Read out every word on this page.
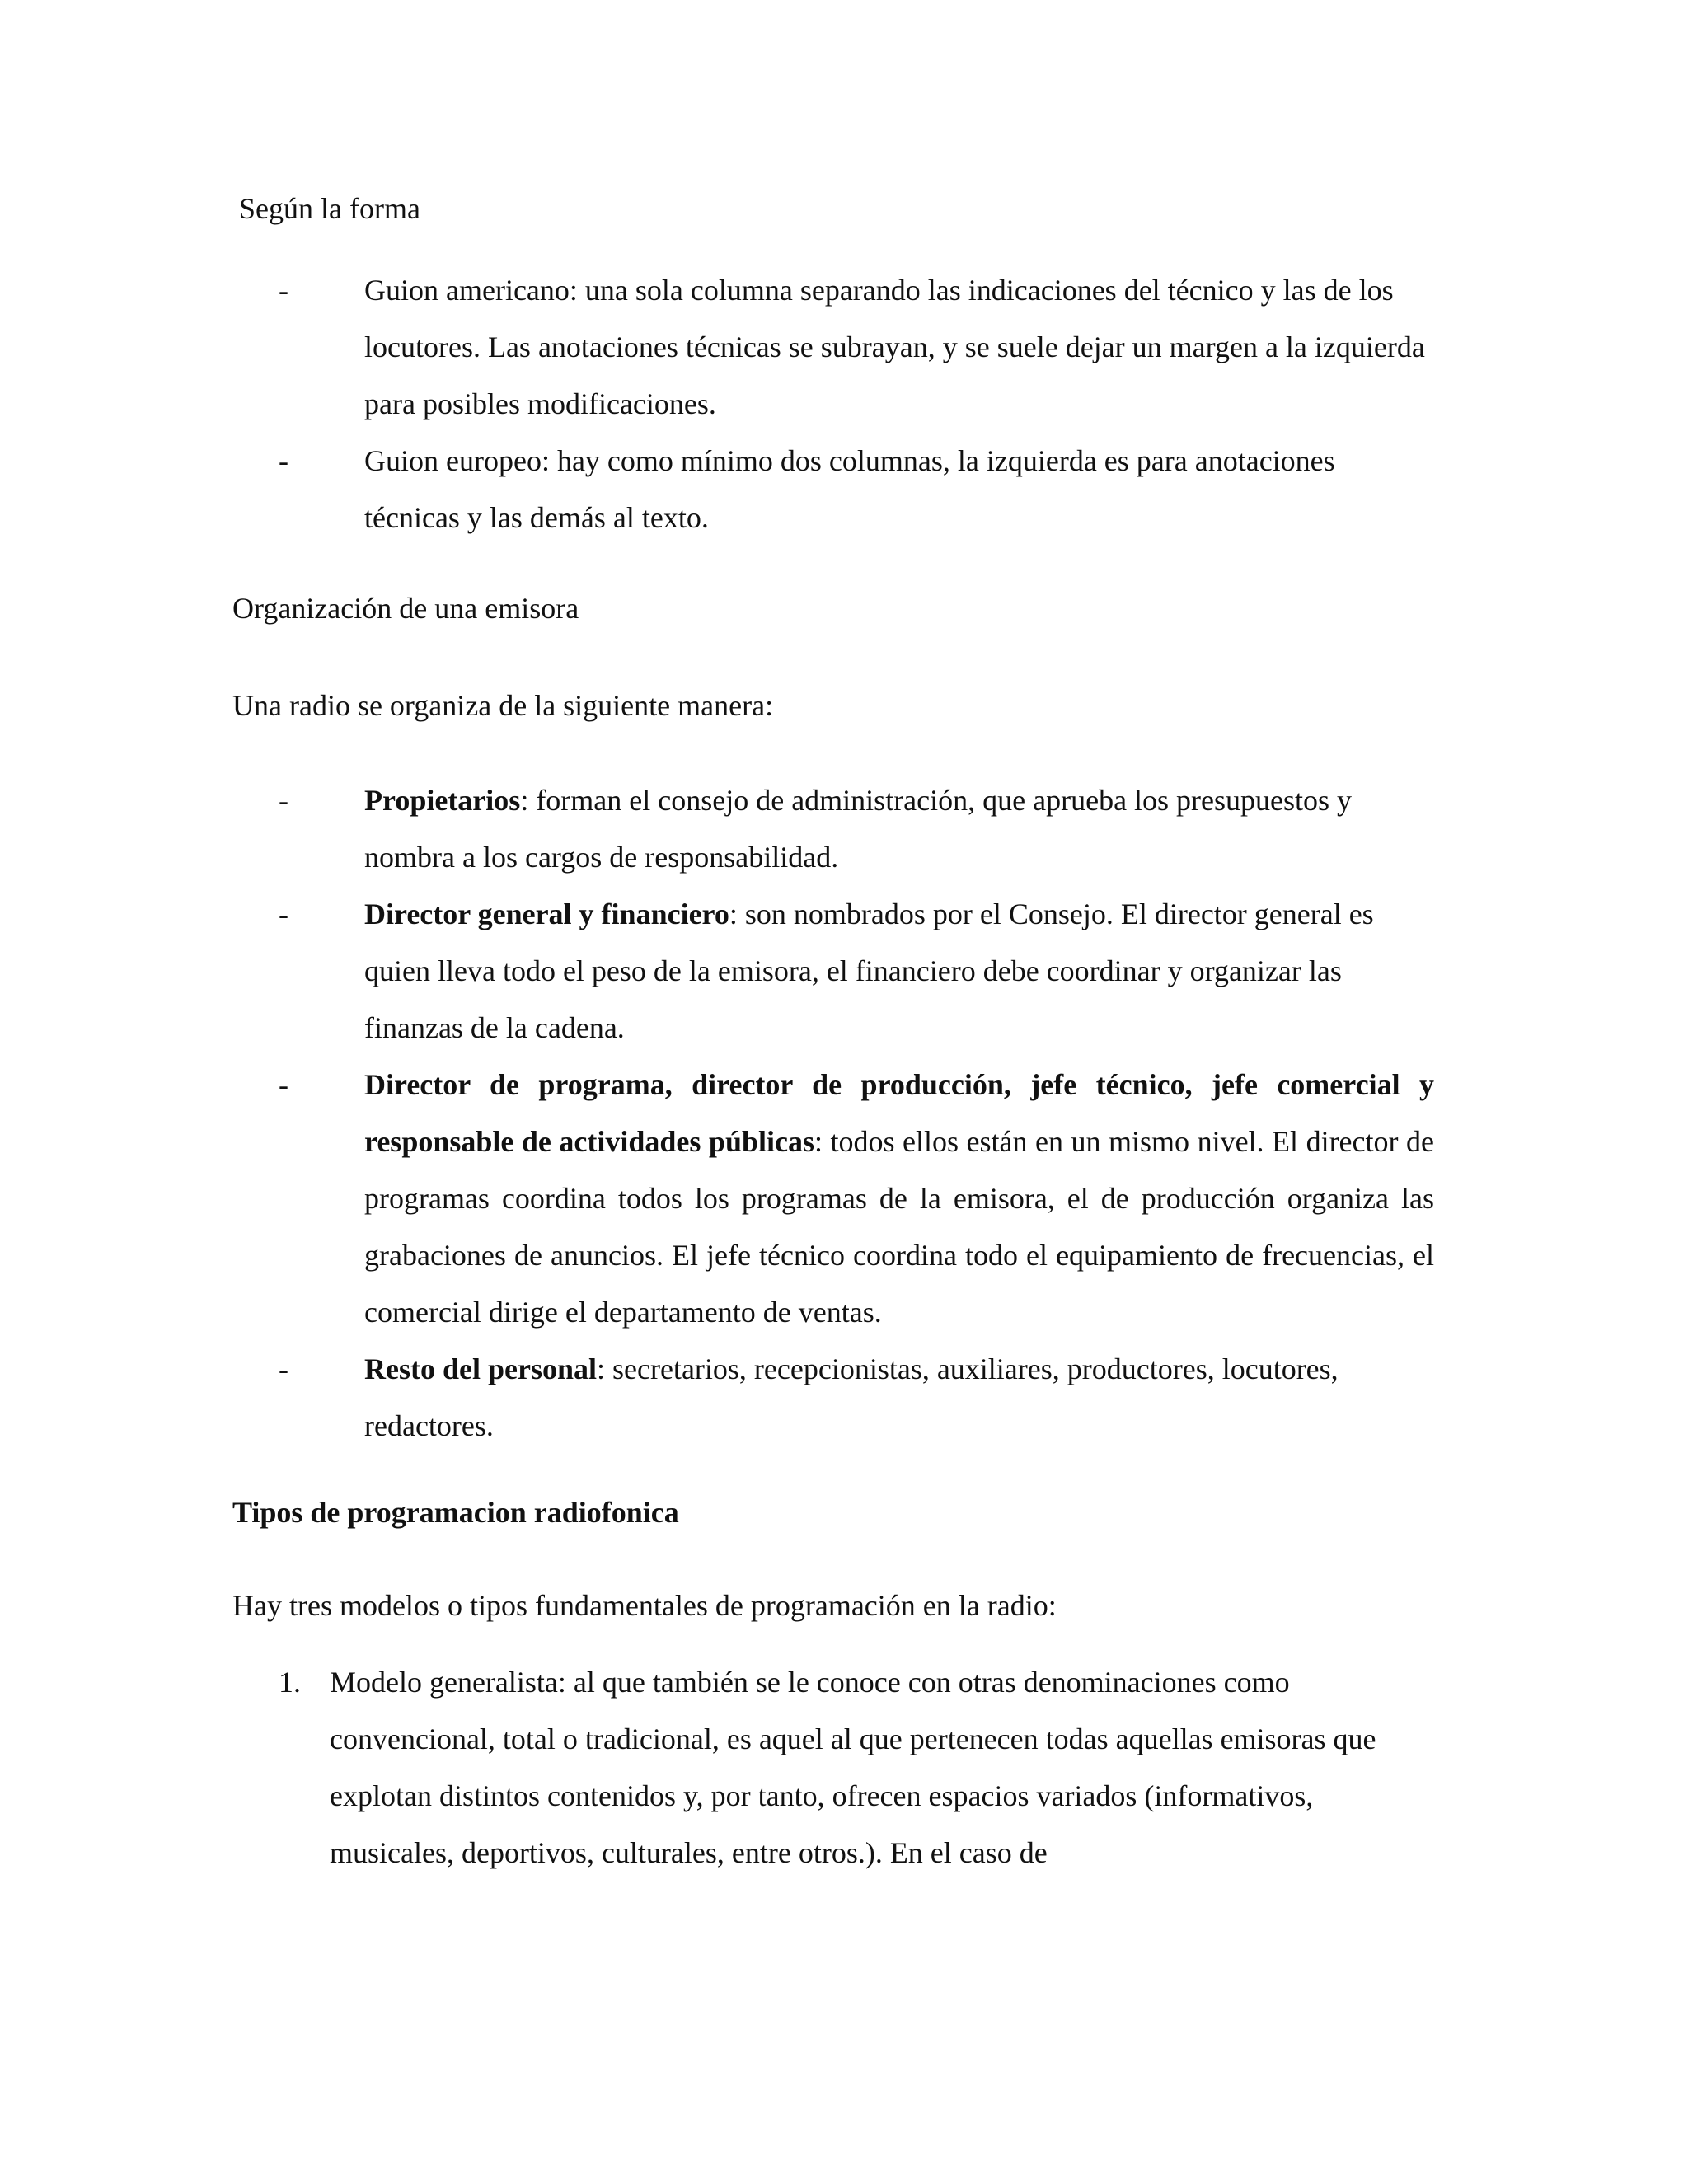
Según la forma

-	Guion americano: una sola columna separando las indicaciones del técnico y las de los locutores. Las anotaciones técnicas se subrayan, y se suele dejar un margen a la izquierda para posibles modificaciones.
-	Guion europeo: hay como mínimo dos columnas, la izquierda es para anotaciones técnicas y las demás al texto.

Organización de una emisora

Una radio se organiza de la siguiente manera:

-	Propietarios: forman el consejo de administración, que aprueba los presupuestos y nombra a los cargos de responsabilidad.
-	Director general y financiero: son nombrados por el Consejo. El director general es quien lleva todo el peso de la emisora, el financiero debe coordinar y organizar las finanzas de la cadena.
-	Director de programa, director de producción, jefe técnico, jefe comercial y responsable de actividades públicas: todos ellos están en un mismo nivel. El director de programas coordina todos los programas de la emisora, el de producción organiza las grabaciones de anuncios. El jefe técnico coordina todo el equipamiento de frecuencias, el comercial dirige el departamento de ventas.
-	Resto del personal: secretarios, recepcionistas, auxiliares, productores, locutores, redactores.

Tipos de programacion radiofonica

Hay tres modelos o tipos fundamentales de programación en la radio:

1. Modelo generalista: al que también se le conoce con otras denominaciones como convencional, total o tradicional, es aquel al que pertenecen todas aquellas emisoras que explotan distintos contenidos y, por tanto, ofrecen espacios variados (informativos, musicales, deportivos, culturales, entre otros.). En el caso de
